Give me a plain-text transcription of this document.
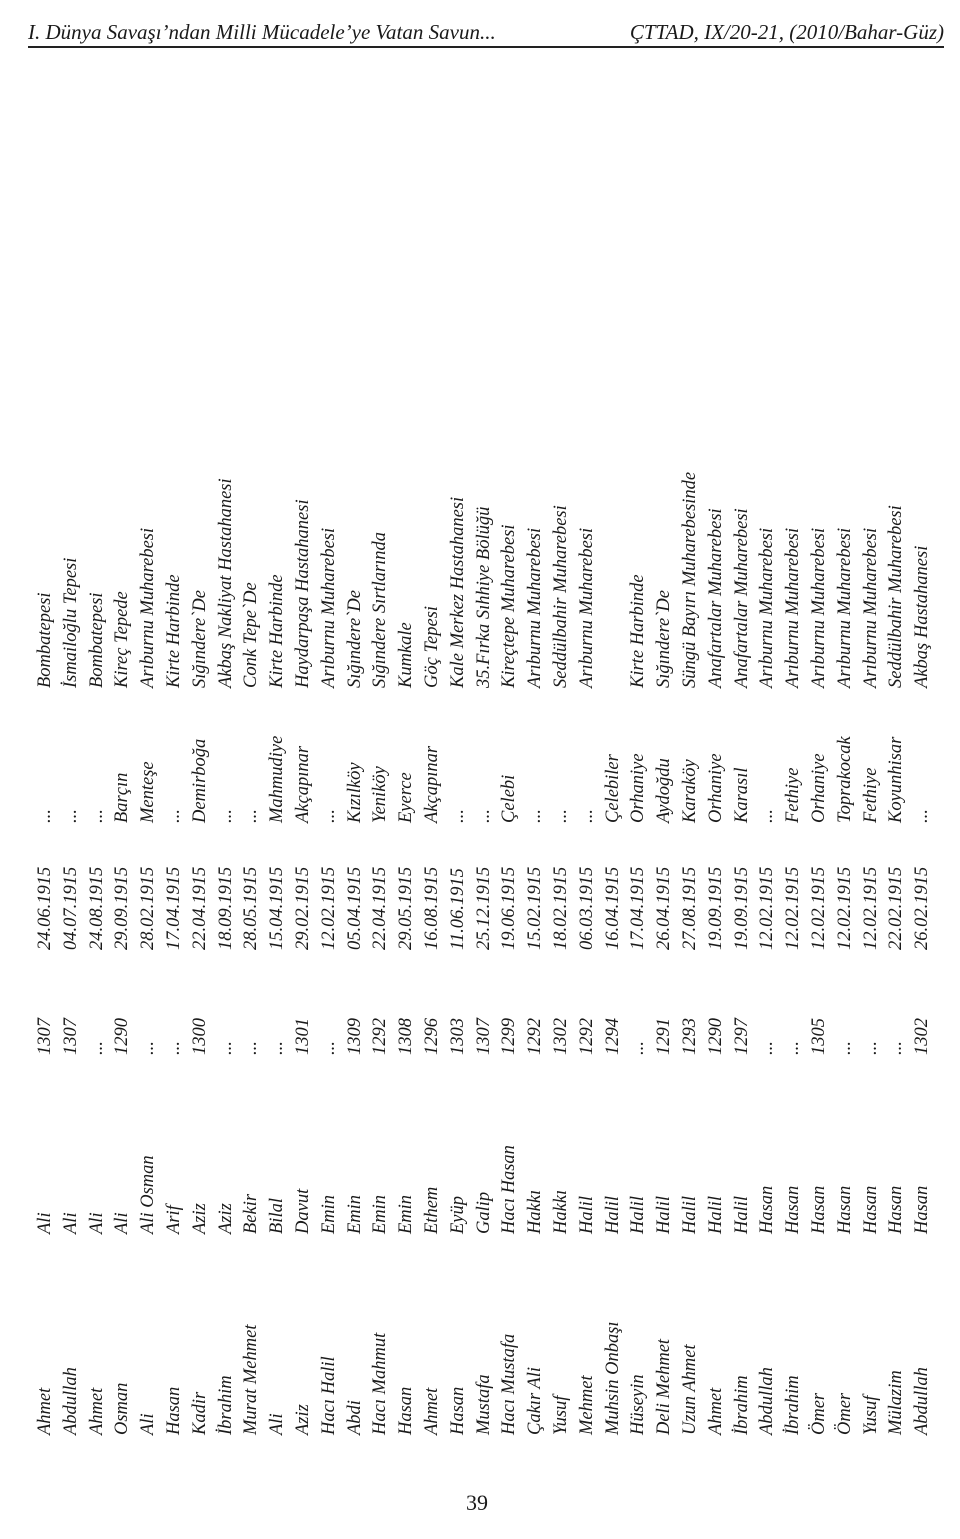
I. Dünya Savaşı’ndan Milli Mücadele’ye Vatan Savun...	ÇTTAD, IX/20-21, (2010/Bahar-Güz)
Ahmet
Ali
1307
24.06.1915
...
Bombatepesi
Abdullah
Ali
1307
04.07.1915
...
İsmailoğlu Tepesi
Ahmet
Ali
...
24.08.1915
...
Bombatepesi
Osman
Ali
1290
29.09.1915
Barçın
Kireç Tepede
Ali
Ali Osman
...
28.02.1915
Menteşe
Arıburnu Muharebesi
Hasan
Arif
...
17.04.1915
...
Kirte Harbinde
Kadir
Aziz
1300
22.04.1915
Demirboğa
Sığındere`De
İbrahim
Aziz
...
18.09.1915
...
Akbaş Nakliyat Hastahanesi
Murat Mehmet
Bekir
...
28.05.1915
...
Conk Tepe`De
Ali
Bilal
...
15.04.1915
Mahmudiye
Kirte Harbinde
Aziz
Davut
1301
29.02.1915
Akçapınar
Haydarpaşa Hastahanesi
Hacı Halil
Emin
...
12.02.1915
...
Arıburnu Muharebesi
Abdi
Emin
1309
05.04.1915
Kızılköy
Sığındere`De
Hacı Mahmut
Emin
1292
22.04.1915
Yeniköy
Sığındere Sırtlarında
Hasan
Emin
1308
29.05.1915
Eyerce
Kumkale
Ahmet
Ethem
1296
16.08.1915
Akçapınar
Göç Tepesi
Hasan
Eyüp
1303
11.06.1915
...
Kale Merkez Hastahanesi
Mustafa
Galip
1307
25.12.1915
...
35.Fırka Sıhhiye Bölüğü
Hacı Mustafa
Hacı Hasan
1299
19.06.1915
Çelebi
Kireçtepe Muharebesi
Çakır Ali
Hakkı
1292
15.02.1915
...
Arıburnu Muharebesi
Yusuf
Hakkı
1302
18.02.1915
...
Seddülbahir Muharebesi
Mehmet
Halil
1292
06.03.1915
...
Arıburnu Muharebesi
Muhsin Onbaşı
Halil
1294
16.04.1915
Çelebiler
Hüseyin
Halil
...
17.04.1915
Orhaniye
Kirte Harbinde
Deli Mehmet
Halil
1291
26.04.1915
Aydoğdu
Sığındere`De
Uzun Ahmet
Halil
1293
27.08.1915
Karaköy
Süngü Bayırı Muharebesinde
Ahmet
Halil
1290
19.09.1915
Orhaniye
Anafartalar Muharebesi
İbrahim
Halil
1297
19.09.1915
Karasıl
Anafartalar Muharebesi
Abdullah
Hasan
...
12.02.1915
...
Arıburnu Muharebesi
İbrahim
Hasan
...
12.02.1915
Fethiye
Arıburnu Muharebesi
Ömer
Hasan
1305
12.02.1915
Orhaniye
Arıburnu Muharebesi
Ömer
Hasan
...
12.02.1915
Toprakocak
Arıburnu Muharebesi
Yusuf
Hasan
...
12.02.1915
Fethiye
Arıburnu Muharebesi
Mülazim
Hasan
...
22.02.1915
Koyunhisar
Seddülbahir Muharebesi
Abdullah
Hasan
1302
26.02.1915
...
Akbaş Hastahanesi
39
